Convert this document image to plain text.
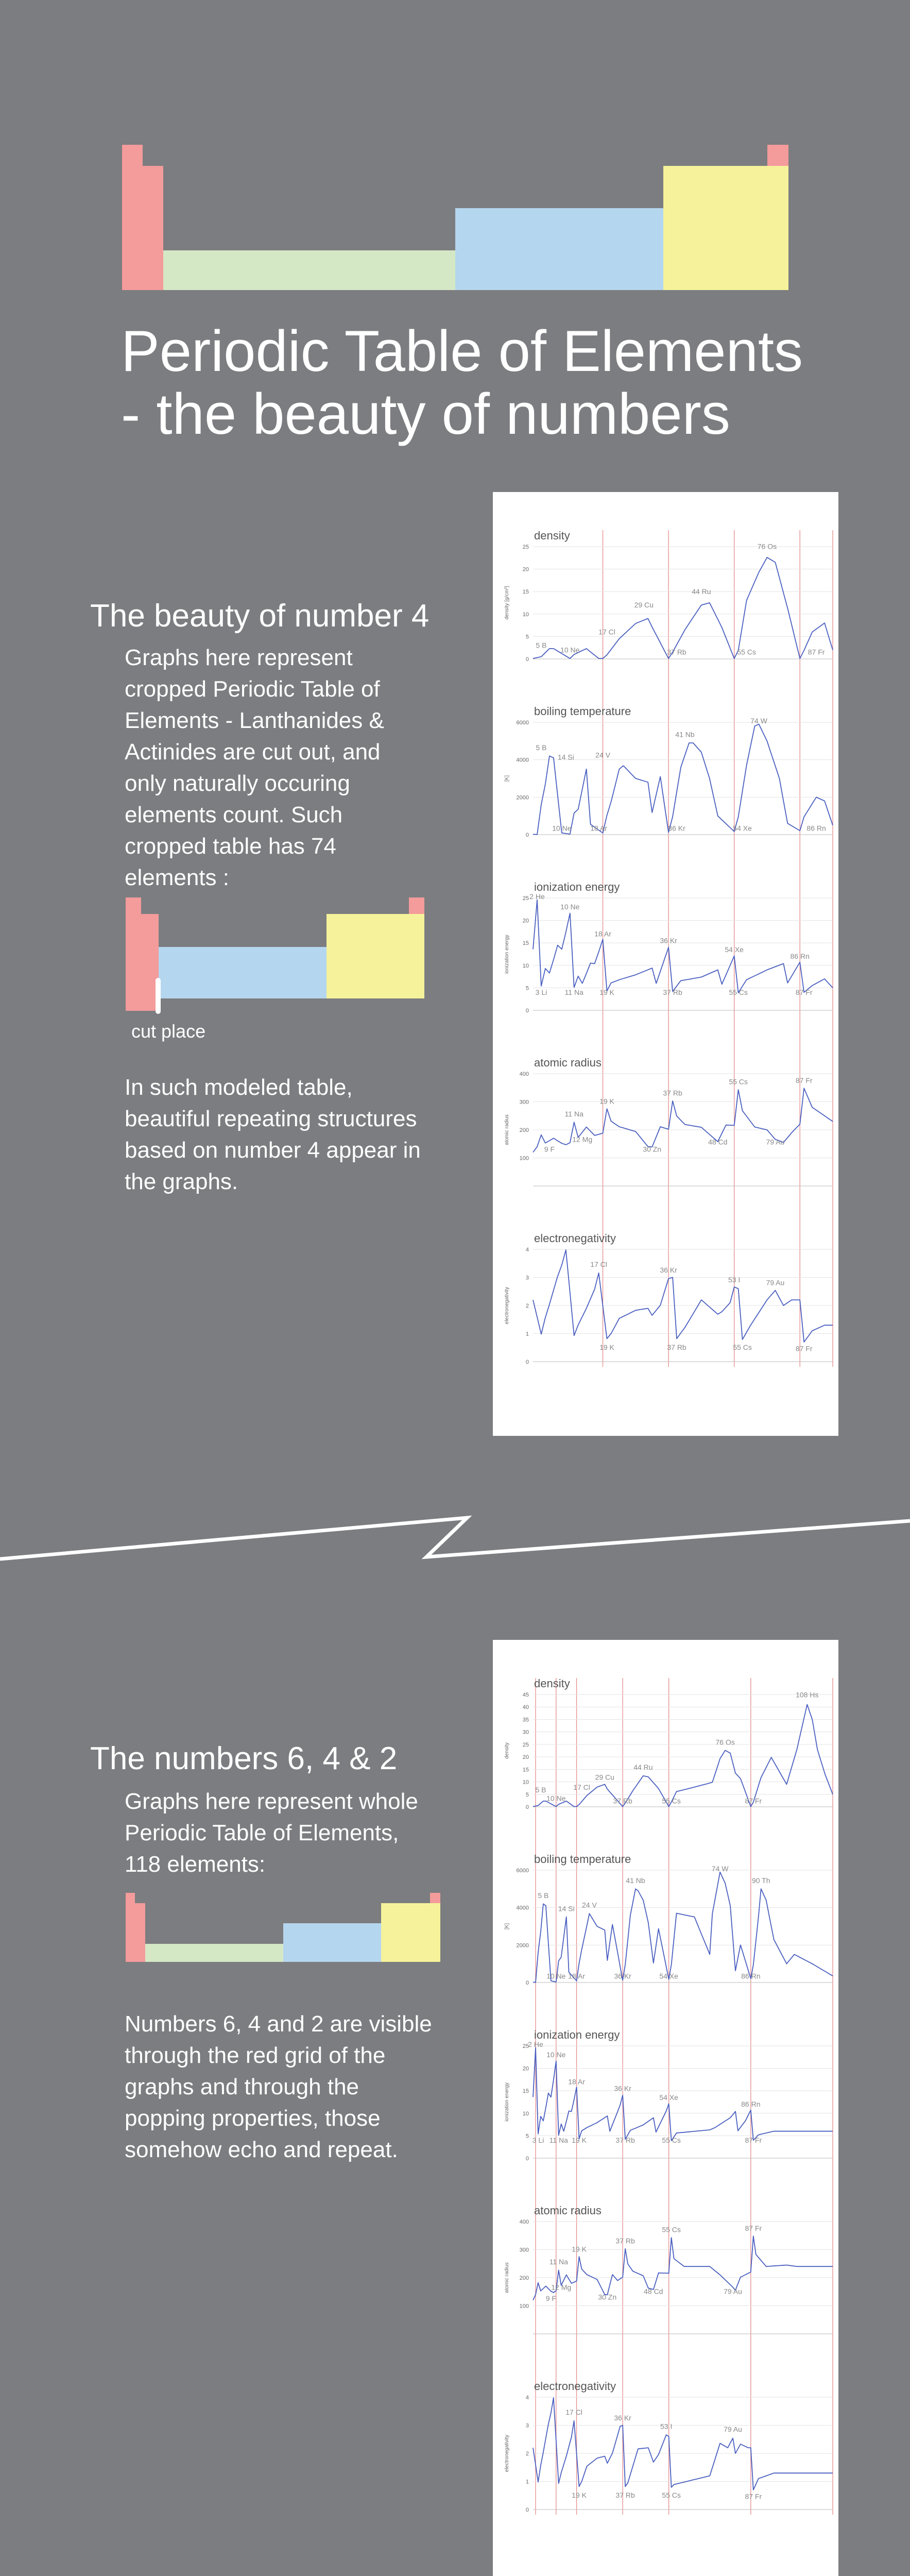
Periodic Table of Elements
- the beauty of numbers
The beauty of number 4
Graphs here represent
cropped Periodic Table of
Elements - Lanthanides &
Actinides are cut out, and
only naturally occuring
elements count. Such
cropped table has 74
elements :
cut place
In such modeled table,
beautiful repeating structures
based on number 4 appear in
the graphs.
density
density [g/cm³]
0
5
10
15
20
25
5 B
10 Ne
17 Cl
29 Cu
44 Ru
76 Os
37 Rb	55 Cs	87 Fr
boiling temperature
[K]
0
2000
4000
6000
5 B
14 Si	24 V
41 Nb
74 W
10 Ne	18 Ar	36 Kr	54 Xe	86 Rn
ionization energy
ionization energy
0
5
10
15
20
25 2 He
10 Ne
18 Ar
36 Kr
54 Xe
86 Rn
3 Li 11 Na 19 K	37 Rb	55 Cs	87 Fr
atomic radius
atomic radius
100
200
300
400
11 Na
19 K
37 Rb
55 Cs	87 Fr
9 F
12 Mg
30 Zn
48 Cd	79 Au
electronegativity
electronegativity
0
1
2
3
4
17 Cl
36 Kr
53 I	79 Au
19 K	37 Rb	55 Cs	87 Fr
The numbers 6, 4 & 2
Graphs here represent whole
Periodic Table of Elements,
118 elements:
Numbers 6, 4 and 2 are visible
through the red grid of the
graphs and through the
popping properties, those
somehow echo and repeat.
density
density
0
5
10
15
20
25
30
35
40
45
5 B
10 Ne
17 Cl
29 Cu
44 Ru
76 Os
108 Hs
37 Rb	55 Cs	87 Fr
boiling temperature
[K]
0
2000
4000
6000
5 B
14 Si 24 V
41 Nb
74 W
90 Th
10 Ne 18 Ar	36 Kr	54 Xe	86 Rn
ionization energy
ionization energy
0
5
10
15
20
25
2 He
10 Ne
18 Ar
36 Kr
54 Xe
86 Rn
3 Li 11 Na 19 K	37 Rb	55 Cs	87 Fr
atomic radius
atomic radius
100
200
300
400
11 Na
19 K
37 Rb
55 Cs	87 Fr
9 F
12 Mg
30 Zn
48 Cd	79 Au
electronegativity
electronegativity
0
1
2
3
4
17 Cl
36 Kr
53 I	79 Au
19 K	37 Rb	55 Cs	87 Fr
